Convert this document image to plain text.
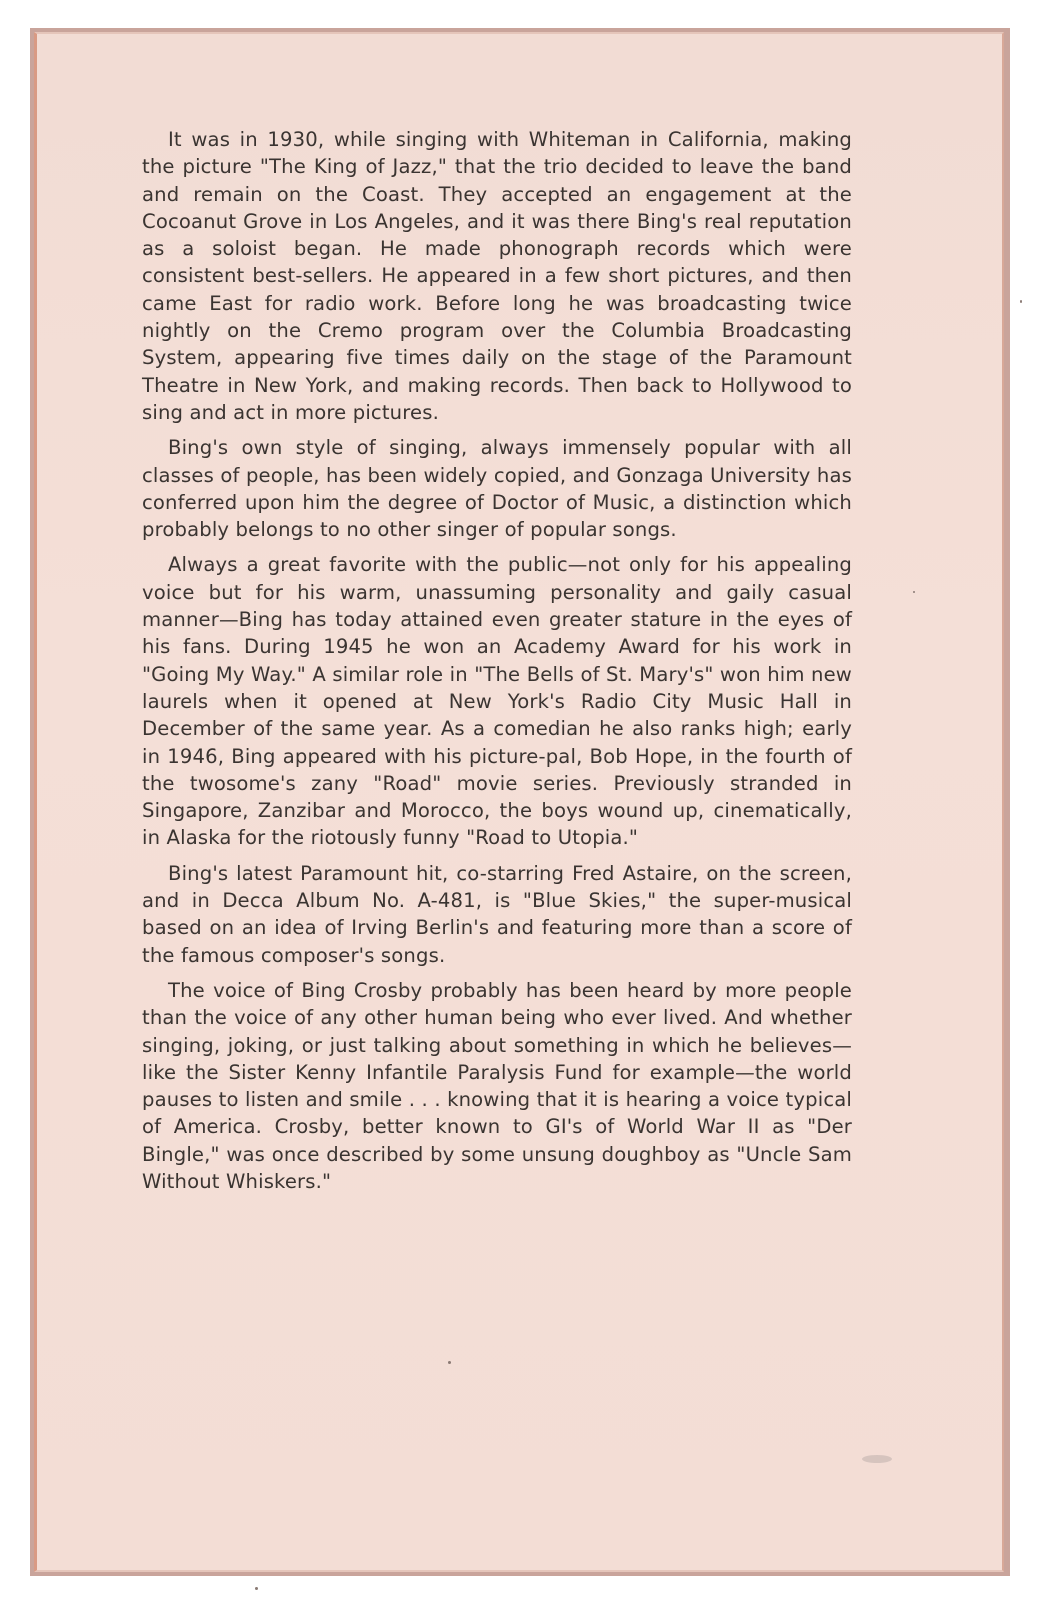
It was in 1930, while singing with Whiteman in California, making the picture "The King of Jazz," that the trio decided to leave the band and remain on the Coast. They accepted an engagement at the Cocoanut Grove in Los Angeles, and it was there Bing's real reputation as a soloist began. He made phonograph records which were consistent best-sellers. He appeared in a few short pictures, and then came East for radio work. Before long he was broadcasting twice nightly on the Cremo program over the Columbia Broadcasting System, appearing five times daily on the stage of the Paramount Theatre in New York, and making records. Then back to Hollywood to sing and act in more pictures.

Bing's own style of singing, always immensely popular with all classes of people, has been widely copied, and Gonzaga University has conferred upon him the degree of Doctor of Music, a distinction which probably belongs to no other singer of popular songs.

Always a great favorite with the public—not only for his appealing voice but for his warm, unassuming personality and gaily casual manner—Bing has today attained even greater stature in the eyes of his fans. During 1945 he won an Academy Award for his work in "Going My Way." A similar role in "The Bells of St. Mary's" won him new laurels when it opened at New York's Radio City Music Hall in December of the same year. As a comedian he also ranks high; early in 1946, Bing appeared with his picture-pal, Bob Hope, in the fourth of the twosome's zany "Road" movie series. Previously stranded in Singapore, Zanzibar and Morocco, the boys wound up, cinematically, in Alaska for the riotously funny "Road to Utopia."

Bing's latest Paramount hit, co-starring Fred Astaire, on the screen, and in Decca Album No. A-481, is "Blue Skies," the super-musical based on an idea of Irving Berlin's and featuring more than a score of the famous composer's songs.

The voice of Bing Crosby probably has been heard by more people than the voice of any other human being who ever lived. And whether singing, joking, or just talking about something in which he believes—like the Sister Kenny Infantile Paralysis Fund for example—the world pauses to listen and smile . . . knowing that it is hearing a voice typical of America. Crosby, better known to GI's of World War II as "Der Bingle," was once described by some unsung doughboy as "Uncle Sam Without Whiskers."
